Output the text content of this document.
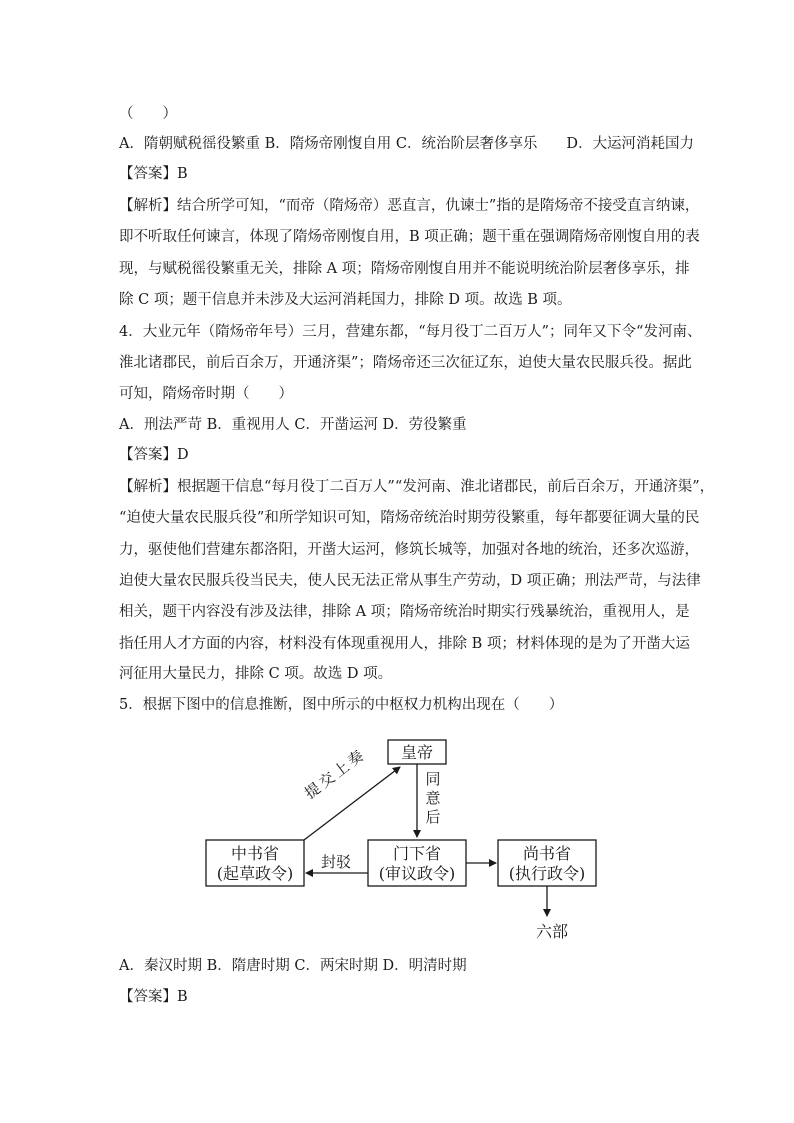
（　　）
A．隋朝赋税徭役繁重 B．隋炀帝刚愎自用 C．统治阶层奢侈享乐　　D．大运河消耗国力
【答案】B
【解析】结合所学可知，“而帝（隋炀帝）恶直言，仇谏士”指的是隋炀帝不接受直言纳谏，
即不听取任何谏言，体现了隋炀帝刚愎自用，B 项正确；题干重在强调隋炀帝刚愎自用的表
现，与赋税徭役繁重无关，排除 A 项；隋炀帝刚愎自用并不能说明统治阶层奢侈享乐，排
除 C 项；题干信息并未涉及大运河消耗国力，排除 D 项。故选 B 项。
4．大业元年（隋炀帝年号）三月，营建东都，“每月役丁二百万人”；同年又下令“发河南、
淮北诸郡民，前后百余万，开通济渠”；隋炀帝还三次征辽东，迫使大量农民服兵役。据此
可知，隋炀帝时期（　　）
A．刑法严苛 B．重视用人 C．开凿运河 D．劳役繁重
【答案】D
【解析】根据题干信息“每月役丁二百万人”“发河南、淮北诸郡民，前后百余万，开通济渠”，
“迫使大量农民服兵役”和所学知识可知，隋炀帝统治时期劳役繁重，每年都要征调大量的民
力，驱使他们营建东都洛阳，开凿大运河，修筑长城等，加强对各地的统治，还多次巡游，
迫使大量农民服兵役当民夫，使人民无法正常从事生产劳动，D 项正确；刑法严苛，与法律
相关，题干内容没有涉及法律，排除 A 项；隋炀帝统治时期实行残暴统治，重视用人，是
指任用人才方面的内容，材料没有体现重视用人，排除 B 项；材料体现的是为了开凿大运
河征用大量民力，排除 C 项。故选 D 项。
5．根据下图中的信息推断，图中所示的中枢权力机构出现在（　　）
皇帝
提
交
上
奏
同
意
后
中书省
(起草政令)
门下省
(审议政令)
封驳	尚书省
(执行政令)
六部
A．秦汉时期 B．隋唐时期 C．两宋时期 D．明清时期
【答案】B
